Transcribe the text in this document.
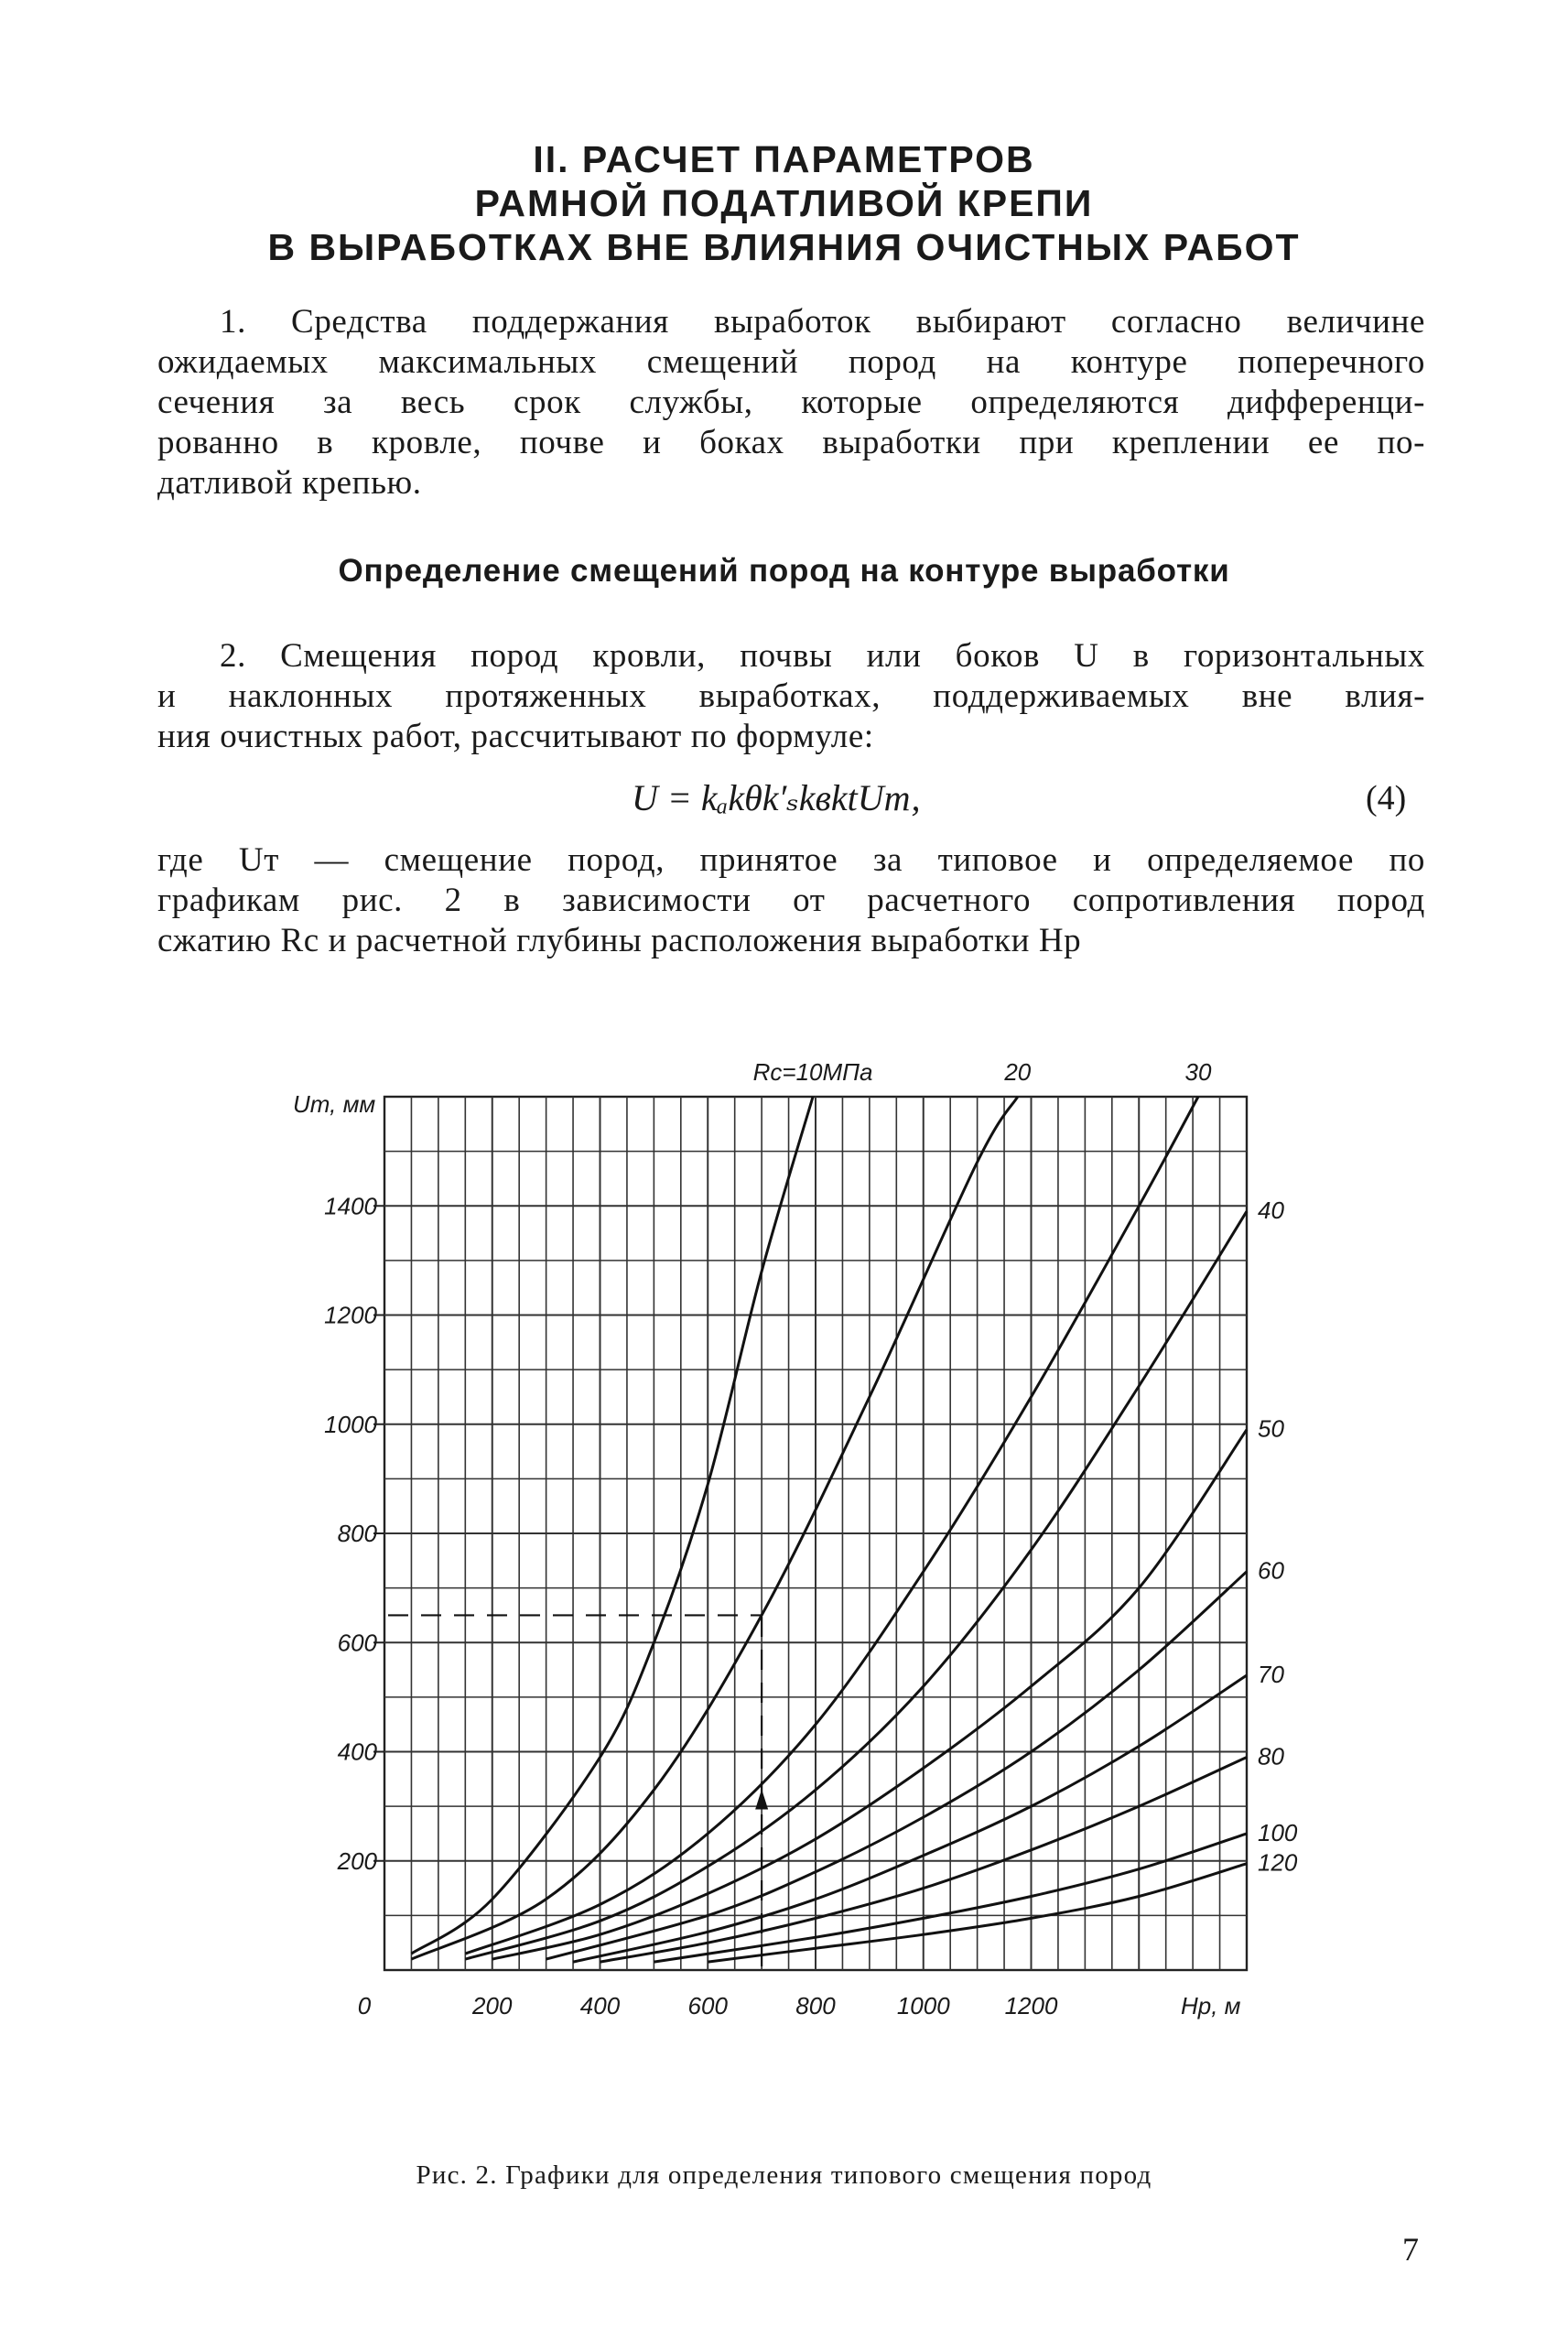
II. РАСЧЕТ ПАРАМЕТРОВ
РАМНОЙ ПОДАТЛИВОЙ КРЕПИ
В ВЫРАБОТКАХ ВНЕ ВЛИЯНИЯ ОЧИСТНЫХ РАБОТ
1. Средства поддержания выработок выбирают согласно величине
ожидаемых максимальных смещений пород на контуре поперечного
сечения за весь срок службы, которые определяются дифференци-
рованно в кровле, почве и боках выработки при креплении ее по-
датливой крепью.
Определение смещений пород на контуре выработки
2. Смещения пород кровли, почвы или боков U в горизонтальных
и наклонных протяженных выработках, поддерживаемых вне влия-
ния очистных работ, рассчитывают по формуле:
U = kₐkθk′ₛkвktUт,	(4)
где Uт — смещение пород, принятое за типовое и определяемое по
графикам рис. 2 в зависимости от расчетного сопротивления пород
сжатию Rс и расчетной глубины расположения выработки Hр
Uт, мм
Hр, м
Rс=10МПа	20	30
40
50
60
70
80
100
120
200
400
600
800
1000
1200
1400
0	200	400	600	800	1000 1200
Рис. 2. Графики для определения типового смещения пород
7
